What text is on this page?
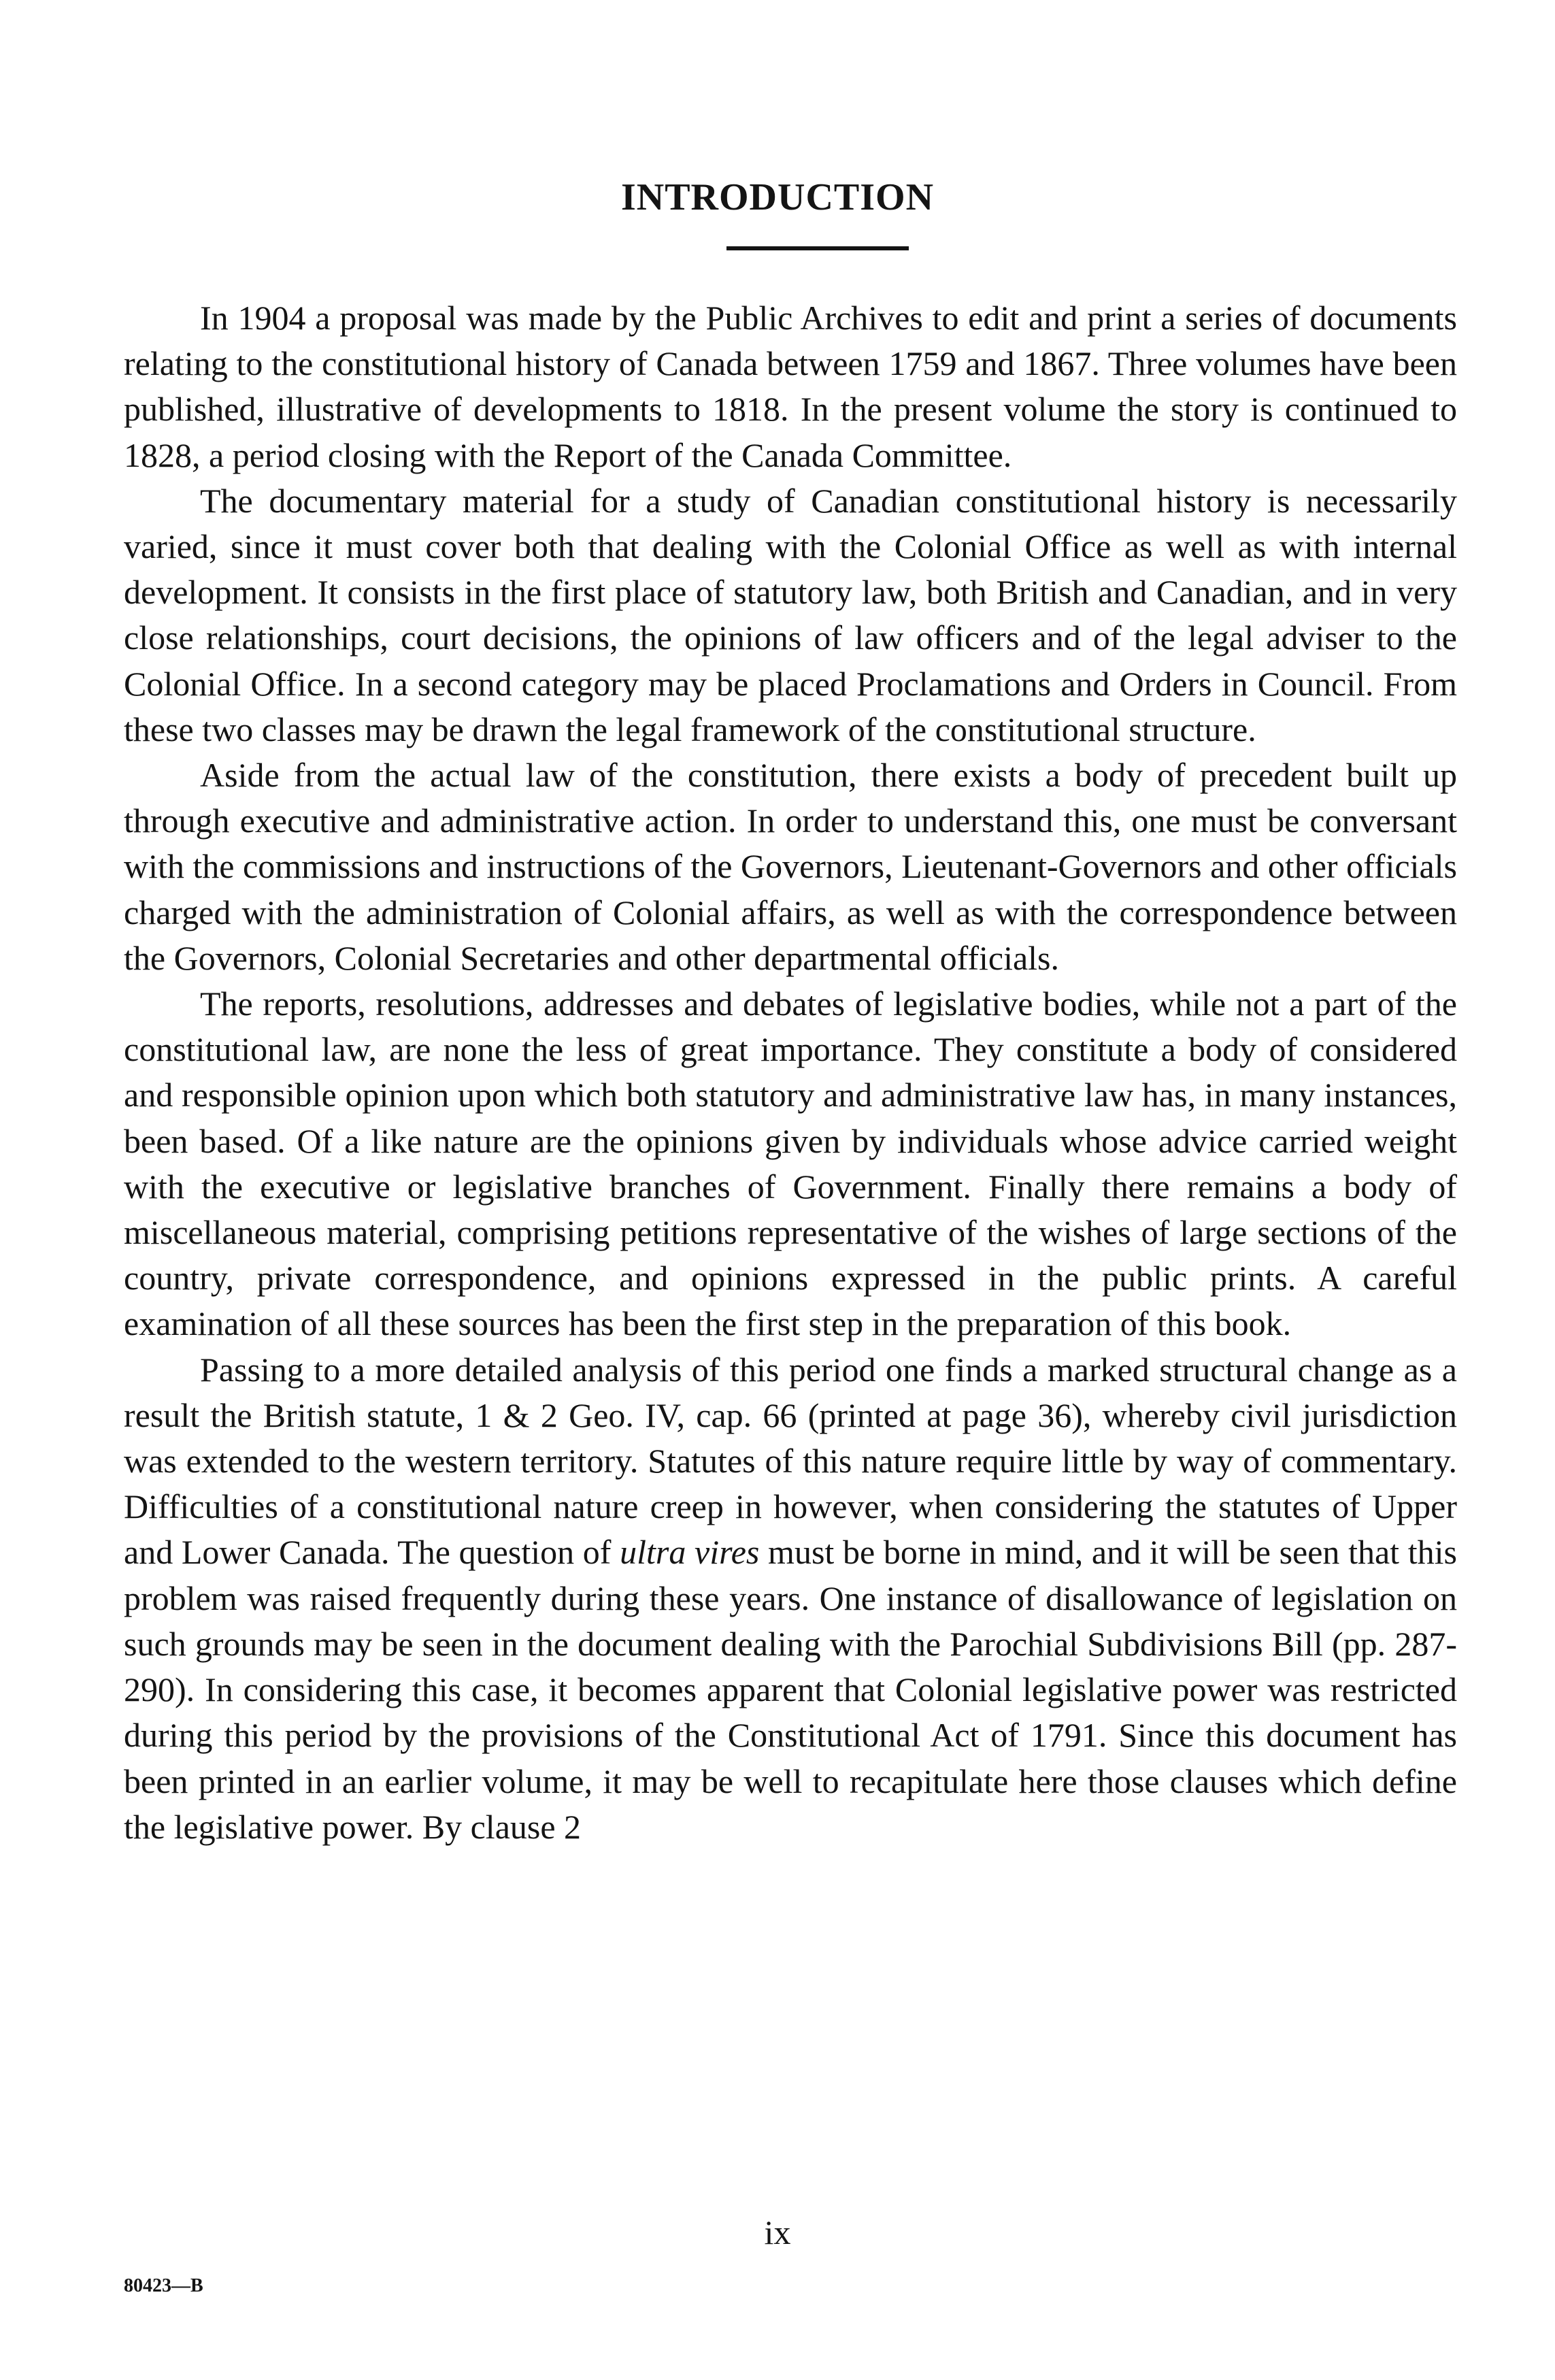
INTRODUCTION

In 1904 a proposal was made by the Public Archives to edit and print a series of documents relating to the constitutional history of Canada between 1759 and 1867. Three volumes have been published, illustrative of developments to 1818. In the present volume the story is continued to 1828, a period closing with the Report of the Canada Committee.

The documentary material for a study of Canadian constitutional history is necessarily varied, since it must cover both that dealing with the Colonial Office as well as with internal development. It consists in the first place of statutory law, both British and Canadian, and in very close relationships, court decisions, the opinions of law officers and of the legal adviser to the Colonial Office. In a second category may be placed Proclamations and Orders in Council. From these two classes may be drawn the legal framework of the constitutional structure.

Aside from the actual law of the constitution, there exists a body of precedent built up through executive and administrative action. In order to understand this, one must be conversant with the commissions and instructions of the Governors, Lieutenant-Governors and other officials charged with the administration of Colonial affairs, as well as with the correspondence between the Governors, Colonial Secretaries and other departmental officials.

The reports, resolutions, addresses and debates of legislative bodies, while not a part of the constitutional law, are none the less of great importance. They constitute a body of considered and responsible opinion upon which both statutory and administrative law has, in many instances, been based. Of a like nature are the opinions given by individuals whose advice carried weight with the executive or legislative branches of Government. Finally there remains a body of miscellaneous material, comprising petitions representative of the wishes of large sections of the country, private correspondence, and opinions expressed in the public prints. A careful examination of all these sources has been the first step in the preparation of this book.

Passing to a more detailed analysis of this period one finds a marked structural change as a result the British statute, 1 & 2 Geo. IV, cap. 66 (printed at page 36), whereby civil jurisdiction was extended to the western territory. Statutes of this nature require little by way of commentary. Difficulties of a constitutional nature creep in however, when considering the statutes of Upper and Lower Canada. The question of ultra vires must be borne in mind, and it will be seen that this problem was raised frequently during these years. One instance of disallowance of legislation on such grounds may be seen in the document dealing with the Parochial Subdivisions Bill (pp. 287-290). In considering this case, it becomes apparent that Colonial legislative power was restricted during this period by the provisions of the Constitutional Act of 1791. Since this document has been printed in an earlier volume, it may be well to recapitulate here those clauses which define the legislative power. By clause 2

ix
80423—B
